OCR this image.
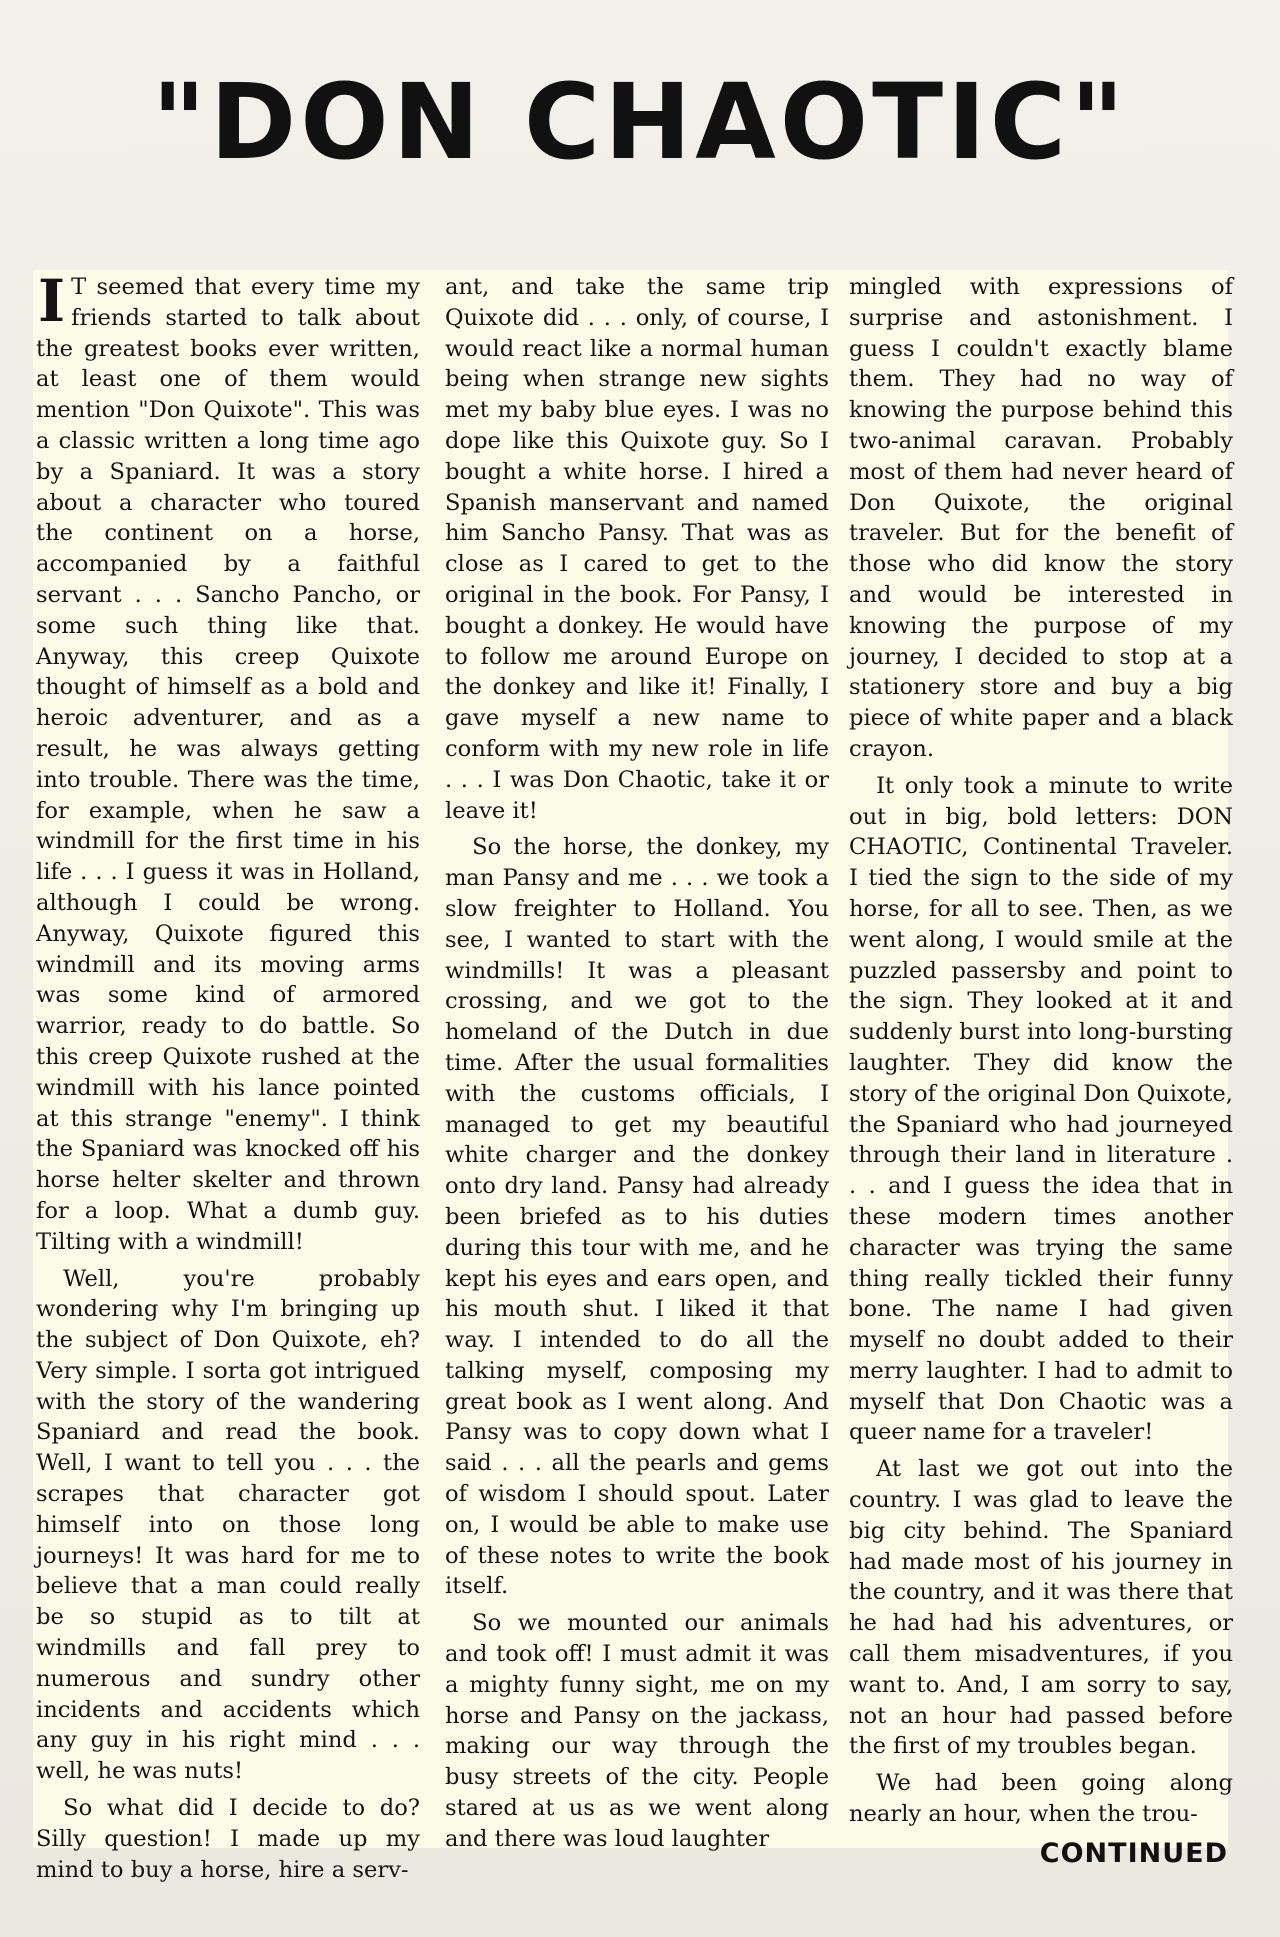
"DON CHAOTIC"

I T seemed that every time my friends started to talk about the greatest books ever written, at least one of them would mention "Don Quixote". This was a classic written a long time ago by a Spaniard. It was a story about a character who toured the continent on a horse, accompanied by a faithful servant . . . Sancho Pancho, or some such thing like that. Anyway, this creep Quixote thought of himself as a bold and heroic adventurer, and as a result, he was always getting into trouble. There was the time, for example, when he saw a windmill for the first time in his life . . . I guess it was in Holland, although I could be wrong. Anyway, Quixote figured this windmill and its moving arms was some kind of armored warrior, ready to do battle. So this creep Quixote rushed at the windmill with his lance pointed at this strange "enemy". I think the Spaniard was knocked off his horse helter skelter and thrown for a loop. What a dumb guy. Tilting with a windmill!

Well, you're probably wondering why I'm bringing up the subject of Don Quixote, eh? Very simple. I sorta got intrigued with the story of the wandering Spaniard and read the book. Well, I want to tell you . . . the scrapes that character got himself into on those long journeys! It was hard for me to believe that a man could really be so stupid as to tilt at windmills and fall prey to numerous and sundry other incidents and accidents which any guy in his right mind . . . well, he was nuts!

So what did I decide to do? Silly question! I made up my mind to buy a horse, hire a serv-

ant, and take the same trip Quixote did . . . only, of course, I would react like a normal human being when strange new sights met my baby blue eyes. I was no dope like this Quixote guy. So I bought a white horse. I hired a Spanish manservant and named him Sancho Pansy. That was as close as I cared to get to the original in the book. For Pansy, I bought a donkey. He would have to follow me around Europe on the donkey and like it! Finally, I gave myself a new name to conform with my new role in life . . . I was Don Chaotic, take it or leave it!

So the horse, the donkey, my man Pansy and me . . . we took a slow freighter to Holland. You see, I wanted to start with the windmills! It was a pleasant crossing, and we got to the homeland of the Dutch in due time. After the usual formalities with the customs officials, I managed to get my beautiful white charger and the donkey onto dry land. Pansy had already been briefed as to his duties during this tour with me, and he kept his eyes and ears open, and his mouth shut. I liked it that way. I intended to do all the talking myself, composing my great book as I went along. And Pansy was to copy down what I said . . . all the pearls and gems of wisdom I should spout. Later on, I would be able to make use of these notes to write the book itself.

So we mounted our animals and took off! I must admit it was a mighty funny sight, me on my horse and Pansy on the jackass, making our way through the busy streets of the city. People stared at us as we went along and there was loud laughter

mingled with expressions of surprise and astonishment. I guess I couldn't exactly blame them. They had no way of knowing the purpose behind this two-animal caravan. Probably most of them had never heard of Don Quixote, the original traveler. But for the benefit of those who did know the story and would be interested in knowing the purpose of my journey, I decided to stop at a stationery store and buy a big piece of white paper and a black crayon.

It only took a minute to write out in big, bold letters: DON CHAOTIC, Continental Traveler. I tied the sign to the side of my horse, for all to see. Then, as we went along, I would smile at the puzzled passersby and point to the sign. They looked at it and suddenly burst into long-bursting laughter. They did know the story of the original Don Quixote, the Spaniard who had journeyed through their land in literature . . . and I guess the idea that in these modern times another character was trying the same thing really tickled their funny bone. The name I had given myself no doubt added to their merry laughter. I had to admit to myself that Don Chaotic was a queer name for a traveler!

At last we got out into the country. I was glad to leave the big city behind. The Spaniard had made most of his journey in the country, and it was there that he had had his adventures, or call them misadventures, if you want to. And, I am sorry to say, not an hour had passed before the first of my troubles began.

We had been going along nearly an hour, when the trou-

CONTINUED
